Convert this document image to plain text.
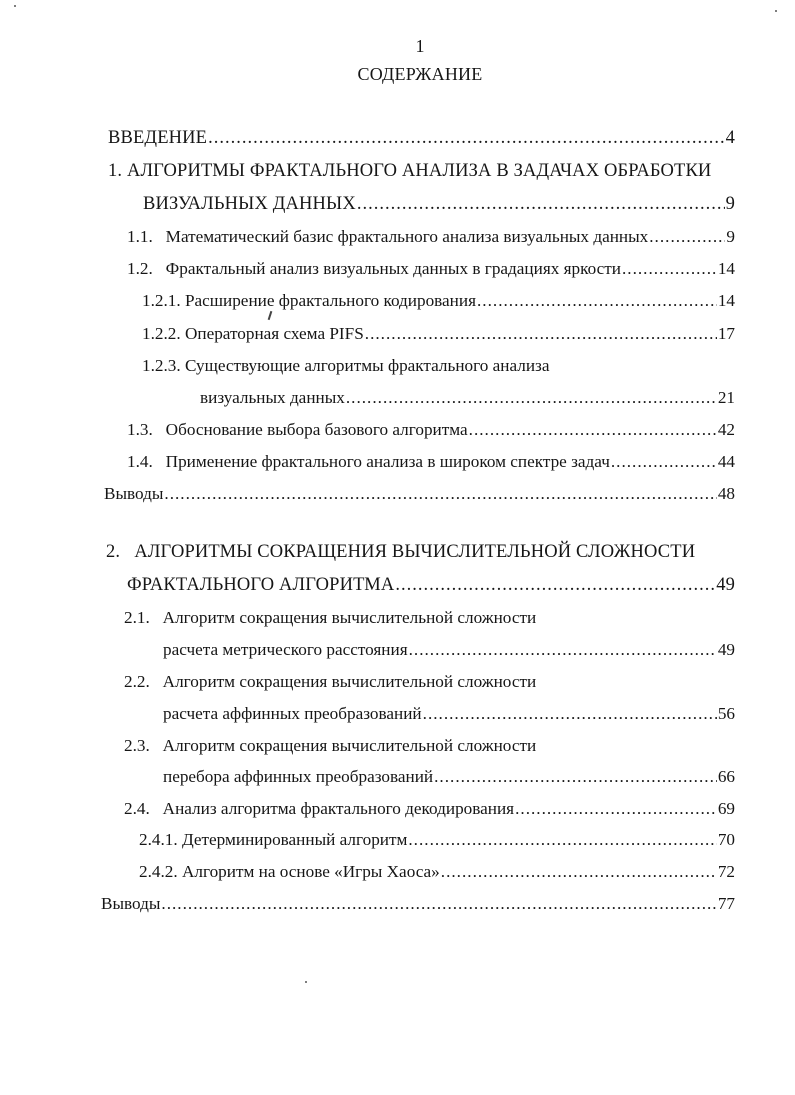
1
СОДЕРЖАНИЕ
ВВЕДЕНИЕ .....	4
1. АЛГОРИТМЫ ФРАКТАЛЬНОГО АНАЛИЗА В ЗАДАЧАХ ОБРАБОТКИ
ВИЗУАЛЬНЫХ ДАННЫХ .....	9
1.1.  Математический базис фрактального анализа визуальных данных .....	9
1.2.  Фрактальный анализ визуальных данных в градациях яркости .....	14
1.2.1. Расширение фрактального кодирования .....	14
1.2.2. Операторная схема PIFS .....	17
1.2.3. Существующие алгоритмы фрактального анализа
визуальных данных .....	21
1.3.  Обоснование выбора базового алгоритма .....	42
1.4.  Применение фрактального анализа в широком спектре задач .....	44
Выводы .....	48
2.  АЛГОРИТМЫ СОКРАЩЕНИЯ ВЫЧИСЛИТЕЛЬНОЙ СЛОЖНОСТИ
ФРАКТАЛЬНОГО АЛГОРИТМА .....	49
2.1.  Алгоритм сокращения вычислительной сложности
расчета метрического расстояния .....	49
2.2.  Алгоритм сокращения вычислительной сложности
расчета аффинных преобразований .....	56
2.3.  Алгоритм сокращения вычислительной сложности
перебора аффинных преобразований .....	66
2.4.  Анализ алгоритма фрактального декодирования .....	69
2.4.1. Детерминированный алгоритм .....	70
2.4.2. Алгоритм на основе «Игры Хаоса» .....	72
Выводы .....	77
